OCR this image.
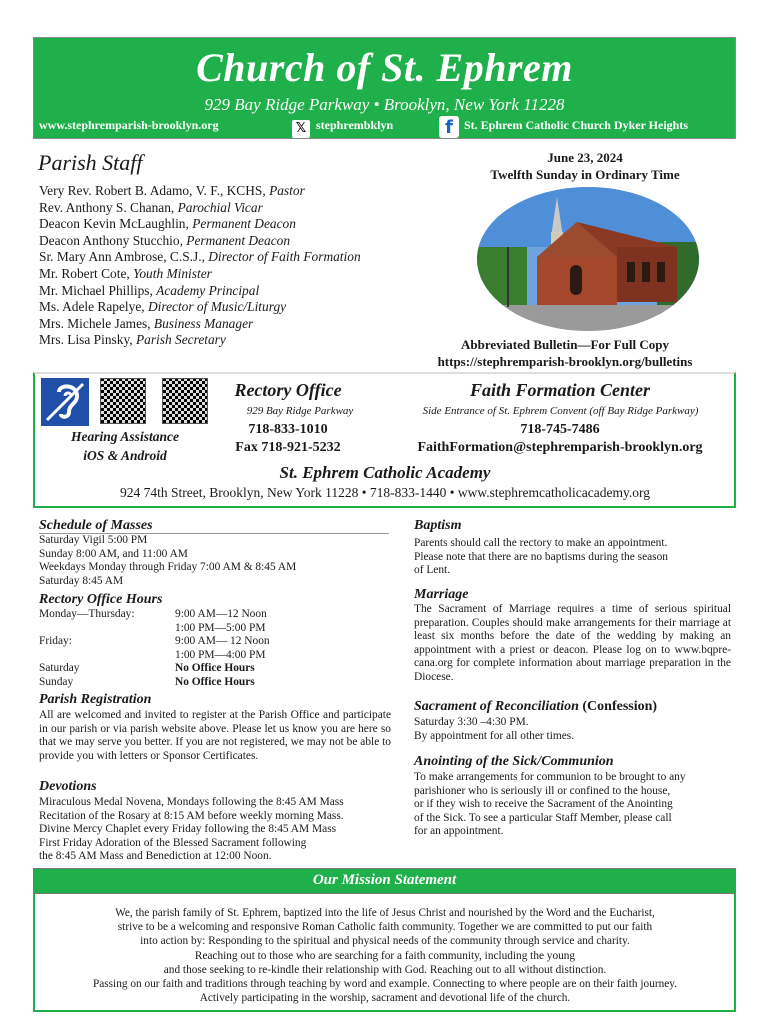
Church of St. Ephrem
929 Bay Ridge Parkway • Brooklyn, New York 11228
www.stephremparish-brooklyn.org	𝕏 stephrembklyn	f St. Ephrem Catholic Church Dyker Heights
Parish Staff
Very Rev. Robert B. Adamo, V. F., KCHS, Pastor
Rev. Anthony S. Chanan, Parochial Vicar
Deacon Kevin McLaughlin, Permanent Deacon
Deacon Anthony Stucchio, Permanent Deacon
Sr. Mary Ann Ambrose, C.S.J., Director of Faith Formation
Mr. Robert Cote, Youth Minister
Mr. Michael Phillips, Academy Principal
Ms. Adele Rapelye, Director of Music/Liturgy
Mrs. Michele James, Business Manager
Mrs. Lisa Pinsky, Parish Secretary
June 23, 2024
Twelfth Sunday in Ordinary Time
Abbreviated Bulletin—For Full Copy
https://stephremparish-brooklyn.org/bulletins
Hearing Assistance
iOS & Android
Rectory Office
929 Bay Ridge Parkway
718-833-1010
Fax 718-921-5232
Faith Formation Center
Side Entrance of St. Ephrem Convent (off Bay Ridge Parkway)
718-745-7486
FaithFormation@stephremparish-brooklyn.org
St. Ephrem Catholic Academy
924 74th Street, Brooklyn, New York 11228 • 718-833-1440 • www.stephremcatholicacademy.org
Schedule of Masses
Saturday Vigil 5:00 PM
Sunday 8:00 AM, and 11:00 AM
Weekdays Monday through Friday 7:00 AM & 8:45 AM
Saturday 8:45 AM
Rectory Office Hours
Monday—Thursday:	9:00 AM—12 Noon
1:00 PM—5:00 PM
Friday:	9:00 AM— 12 Noon
1:00 PM—4:00 PM
Saturday	No Office Hours
Sunday	No Office Hours
Parish Registration
All are welcomed and invited to register at the Parish Office and participate in our parish or via parish website above. Please let us know you are here so that we may serve you better. If you are not registered, we may not be able to provide you with letters or Sponsor Certificates.
Devotions
Miraculous Medal Novena, Mondays following the 8:45 AM Mass
Recitation of the Rosary at 8:15 AM before weekly morning Mass.
Divine Mercy Chaplet every Friday following the 8:45 AM Mass
First Friday Adoration of the Blessed Sacrament following
the 8:45 AM Mass and Benediction at 12:00 Noon.
Baptism
Parents should call the rectory to make an appointment.
Please note that there are no baptisms during the season
of Lent.
Marriage
The Sacrament of Marriage requires a time of serious spiritual preparation. Couples should make arrangements for their marriage at least six months before the date of the wedding by making an appointment with a priest or deacon. Please log on to www.bqpre-cana.org for complete information about marriage preparation in the Diocese.
Sacrament of Reconciliation (Confession)
Saturday 3:30 –4:30 PM.
By appointment for all other times.
Anointing of the Sick/Communion
To make arrangements for communion to be brought to any
parishioner who is seriously ill or confined to the house,
or if they wish to receive the Sacrament of the Anointing
of the Sick. To see a particular Staff Member, please call
for an appointment.
Our Mission Statement
We, the parish family of St. Ephrem, baptized into the life of Jesus Christ and nourished by the Word and the Eucharist,
strive to be a welcoming and responsive Roman Catholic faith community. Together we are committed to put our faith
into action by: Responding to the spiritual and physical needs of the community through service and charity.
Reaching out to those who are searching for a faith community, including the young
and those seeking to re-kindle their relationship with God. Reaching out to all without distinction.
Passing on our faith and traditions through teaching by word and example. Connecting to where people are on their faith journey.
Actively participating in the worship, sacrament and devotional life of the church.
